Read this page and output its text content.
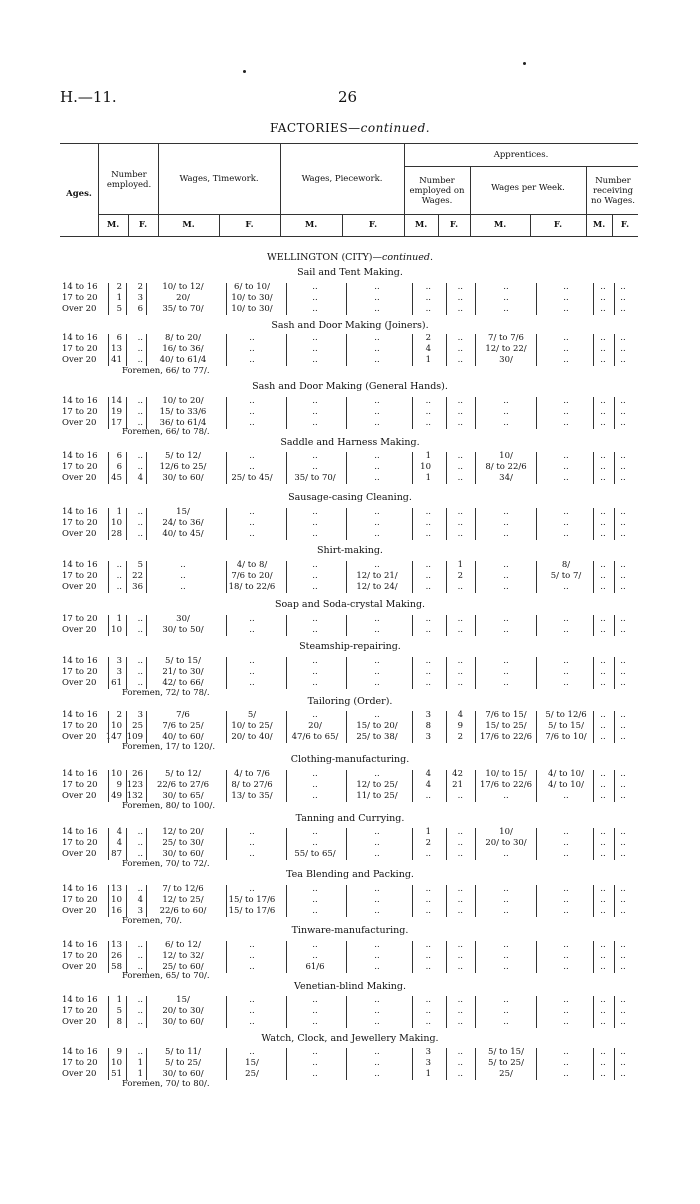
H.—11.	26
FACTORIES—continued.
Ages.
Number employed.
Wages, Timework.	Wages, Piecework.
Apprentices.
Number employed on Wages.
Wages per Week.
Number receiving no Wages.
M.	F.	M.	F.	M.	F.	M.	F.	M.	F.	M.	F.
WELLINGTON (CITY)—continued.
Sail and Tent Making.
14 to 16	2 2	10/ to 12/	6/ to 10/	..	..	..	..	..	..	..	..
17 to 20	1 3	20/	10/ to 30/	..	..	..	..	..	..	..	..
Over 20	5 6	35/ to 70/	10/ to 30/	..	..	..	..	..	..	..	..
Sash and Door Making (Joiners).
14 to 16	6 ..	8/ to 20/	..	..	..	2	..	7/ to 7/6	..	..	..
17 to 20	13 ..	16/ to 36/	..	..	..	4	..	12/ to 22/	..	..	..
Over 20	41 ..	40/ to 61/4	..	..	..	1	..	30/	..	..	..
Foremen, 66/ to 77/.
Sash and Door Making (General Hands).
14 to 16	14 ..	10/ to 20/	..	..	..	..	..	..	..	..	..
17 to 20	19 ..	15/ to 33/6	..	..	..	..	..	..	..	..	..
Over 20	17 ..	36/ to 61/4	..	..	..	..	..	..	..	..	..
Foremen, 66/ to 78/.
Saddle and Harness Making.
14 to 16	6 ..	5/ to 12/	..	..	..	1	..	10/	..	..	..
17 to 20	6 ..	12/6 to 25/	..	..	..	10	..	8/ to 22/6	..	..	..
Over 20	45 4	30/ to 60/	25/ to 45/	35/ to 70/	..	1	..	34/	..	..	..
Sausage-casing Cleaning.
14 to 16	1 ..	15/	..	..	..	..	..	..	..	..	..
17 to 20	10 ..	24/ to 36/	..	..	..	..	..	..	..	..	..
Over 20	28 ..	40/ to 45/	..	..	..	..	..	..	..	..	..
Shirt-making.
14 to 16	.. 5	..	4/ to 8/	..	..	..	1	..	8/	..	..
17 to 20	.. 22	..	7/6 to 20/	..	12/ to 21/	..	2	..	5/ to 7/	..	..
Over 20	.. 36	..	18/ to 22/6	..	12/ to 24/	..	..	..	..	..	..
Soap and Soda-crystal Making.
17 to 20	1 ..	30/	..	..	..	..	..	..	..	..	..
Over 20	10 ..	30/ to 50/	..	..	..	..	..	..	..	..	..
Steamship-repairing.
14 to 16	3 ..	5/ to 15/	..	..	..	..	..	..	..	..	..
17 to 20	3 ..	21/ to 30/	..	..	..	..	..	..	..	..	..
Over 20	61 ..	42/ to 66/	..	..	..	..	..	..	..	..	..
Foremen, 72/ to 78/.
Tailoring (Order).
14 to 16	2 3	7/6	5/	..	..	3	4	7/6 to 15/	5/ to 12/6	..	..
17 to 20	10 25	7/6 to 25/	10/ to 25/	20/	15/ to 20/	8	9	15/ to 25/	5/ to 15/	..	..
Over 20	147 109	40/ to 60/	20/ to 40/	47/6 to 65/	25/ to 38/	3	2	17/6 to 22/6	7/6 to 10/	..	..
Foremen, 17/ to 120/.
Clothing-manufacturing.
14 to 16	10 26	5/ to 12/	4/ to 7/6	..	..	4 42	10/ to 15/	4/ to 10/	..	..
17 to 20	9 123	22/6 to 27/6	8/ to 27/6	..	12/ to 25/	4 21	17/6 to 22/6	4/ to 10/	..	..
Over 20	49 132	30/ to 65/	13/ to 35/	..	11/ to 25/	..	..	..	..	..	..
Foremen, 80/ to 100/.
Tanning and Currying.
14 to 16	4 ..	12/ to 20/	..	..	..	1	..	10/	..	..	..
17 to 20	4 ..	25/ to 30/	..	..	..	2	..	20/ to 30/	..	..	..
Over 20	87 ..	30/ to 60/	..	55/ to 65/	..	..	..	..	..	..	..
Foremen, 70/ to 72/.
Tea Blending and Packing.
14 to 16	13 ..	7/ to 12/6	..	..	..	..	..	..	..	..	..
17 to 20	10 4	12/ to 25/	15/ to 17/6	..	..	..	..	..	..	..	..
Over 20	16 3	22/6 to 60/	15/ to 17/6	..	..	..	..	..	..	..	..
Foremen, 70/.
Tinware-manufacturing.
14 to 16	13 ..	6/ to 12/	..	..	..	..	..	..	..	..	..
17 to 20	26 ..	12/ to 32/	..	..	..	..	..	..	..	..	..
Over 20	58 ..	25/ to 60/	..	61/6	..	..	..	..	..	..	..
Foremen, 65/ to 70/.
Venetian-blind Making.
14 to 16	1 ..	15/	..	..	..	..	..	..	..	..	..
17 to 20	5 ..	20/ to 30/	..	..	..	..	..	..	..	..	..
Over 20	8 ..	30/ to 60/	..	..	..	..	..	..	..	..	..
Watch, Clock, and Jewellery Making.
14 to 16	9 ..	5/ to 11/	..	..	..	3	..	5/ to 15/	..	..	..
17 to 20	10 1	5/ to 25/	15/	..	..	3	..	5/ to 25/	..	..	..
Over 20	51 1	30/ to 60/	25/	..	..	1	..	25/	..	..	..
Foremen, 70/ to 80/.
